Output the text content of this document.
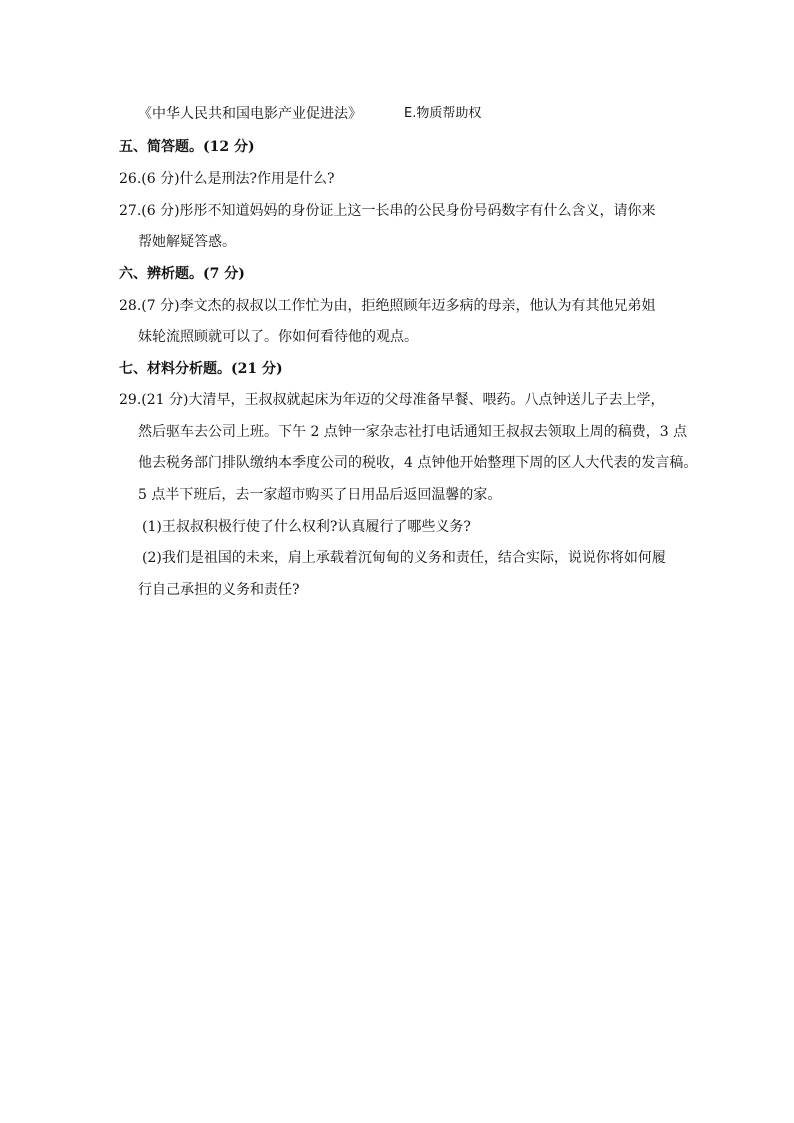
《中华人民共和国电影产业促进法》	E.物质帮助权
五、简答题。(12 分)
26.(6 分)什么是刑法?作用是什么?
27.(6 分)彤彤不知道妈妈的身份证上这一长串的公民身份号码数字有什么含义，请你来
帮她解疑答惑。
六、辨析题。(7 分)
28.(7 分)李文杰的叔叔以工作忙为由，拒绝照顾年迈多病的母亲，他认为有其他兄弟姐
妹轮流照顾就可以了。你如何看待他的观点。
七、材料分析题。(21 分)
29.(21 分)大清早，王叔叔就起床为年迈的父母准备早餐、喂药。八点钟送儿子去上学，
然后驱车去公司上班。下午 2 点钟一家杂志社打电话通知王叔叔去领取上周的稿费，3 点
他去税务部门排队缴纳本季度公司的税收，4 点钟他开始整理下周的区人大代表的发言稿。
5 点半下班后，去一家超市购买了日用品后返回温馨的家。
(1)王叔叔积极行使了什么权利?认真履行了哪些义务?
(2)我们是祖国的未来，肩上承载着沉甸甸的义务和责任，结合实际，说说你将如何履
行自己承担的义务和责任?
